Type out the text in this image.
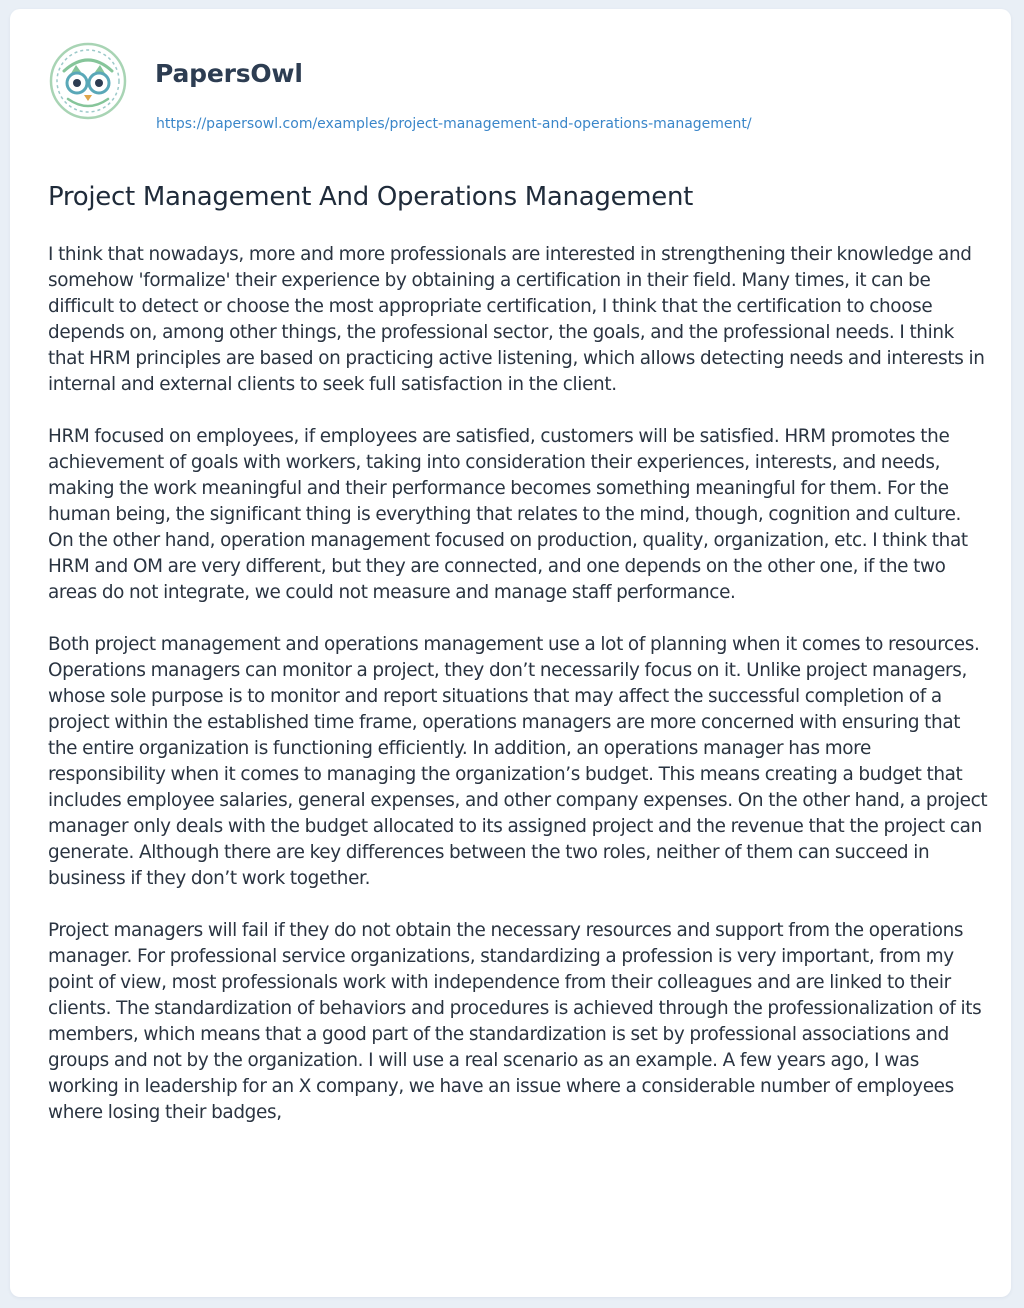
PapersOwl
https://papersowl.com/examples/project-management-and-operations-management/
Project Management And Operations Management

I think that nowadays, more and more professionals are interested in strengthening their knowledge and somehow 'formalize' their experience by obtaining a certification in their field. Many times, it can be difficult to detect or choose the most appropriate certification, I think that the certification to choose depends on, among other things, the professional sector, the goals, and the professional needs. I think that HRM principles are based on practicing active listening, which allows detecting needs and interests in internal and external clients to seek full satisfaction in the client.

HRM focused on employees, if employees are satisfied, customers will be satisfied. HRM promotes the achievement of goals with workers, taking into consideration their experiences, interests, and needs, making the work meaningful and their performance becomes something meaningful for them. For the human being, the significant thing is everything that relates to the mind, though, cognition and culture. On the other hand, operation management focused on production, quality, organization, etc. I think that HRM and OM are very different, but they are connected, and one depends on the other one, if the two areas do not integrate, we could not measure and manage staff performance.

Both project management and operations management use a lot of planning when it comes to resources. Operations managers can monitor a project, they don’t necessarily focus on it. Unlike project managers, whose sole purpose is to monitor and report situations that may affect the successful completion of a project within the established time frame, operations managers are more concerned with ensuring that the entire organization is functioning efficiently. In addition, an operations manager has more responsibility when it comes to managing the organization’s budget. This means creating a budget that includes employee salaries, general expenses, and other company expenses. On the other hand, a project manager only deals with the budget allocated to its assigned project and the revenue that the project can generate. Although there are key differences between the two roles, neither of them can succeed in business if they don’t work together.

Project managers will fail if they do not obtain the necessary resources and support from the operations manager. For professional service organizations, standardizing a profession is very important, from my point of view, most professionals work with independence from their colleagues and are linked to their clients. The standardization of behaviors and procedures is achieved through the professionalization of its members, which means that a good part of the standardization is set by professional associations and groups and not by the organization. I will use a real scenario as an example. A few years ago, I was working in leadership for an X company, we have an issue where a considerable number of employees where losing their badges,
